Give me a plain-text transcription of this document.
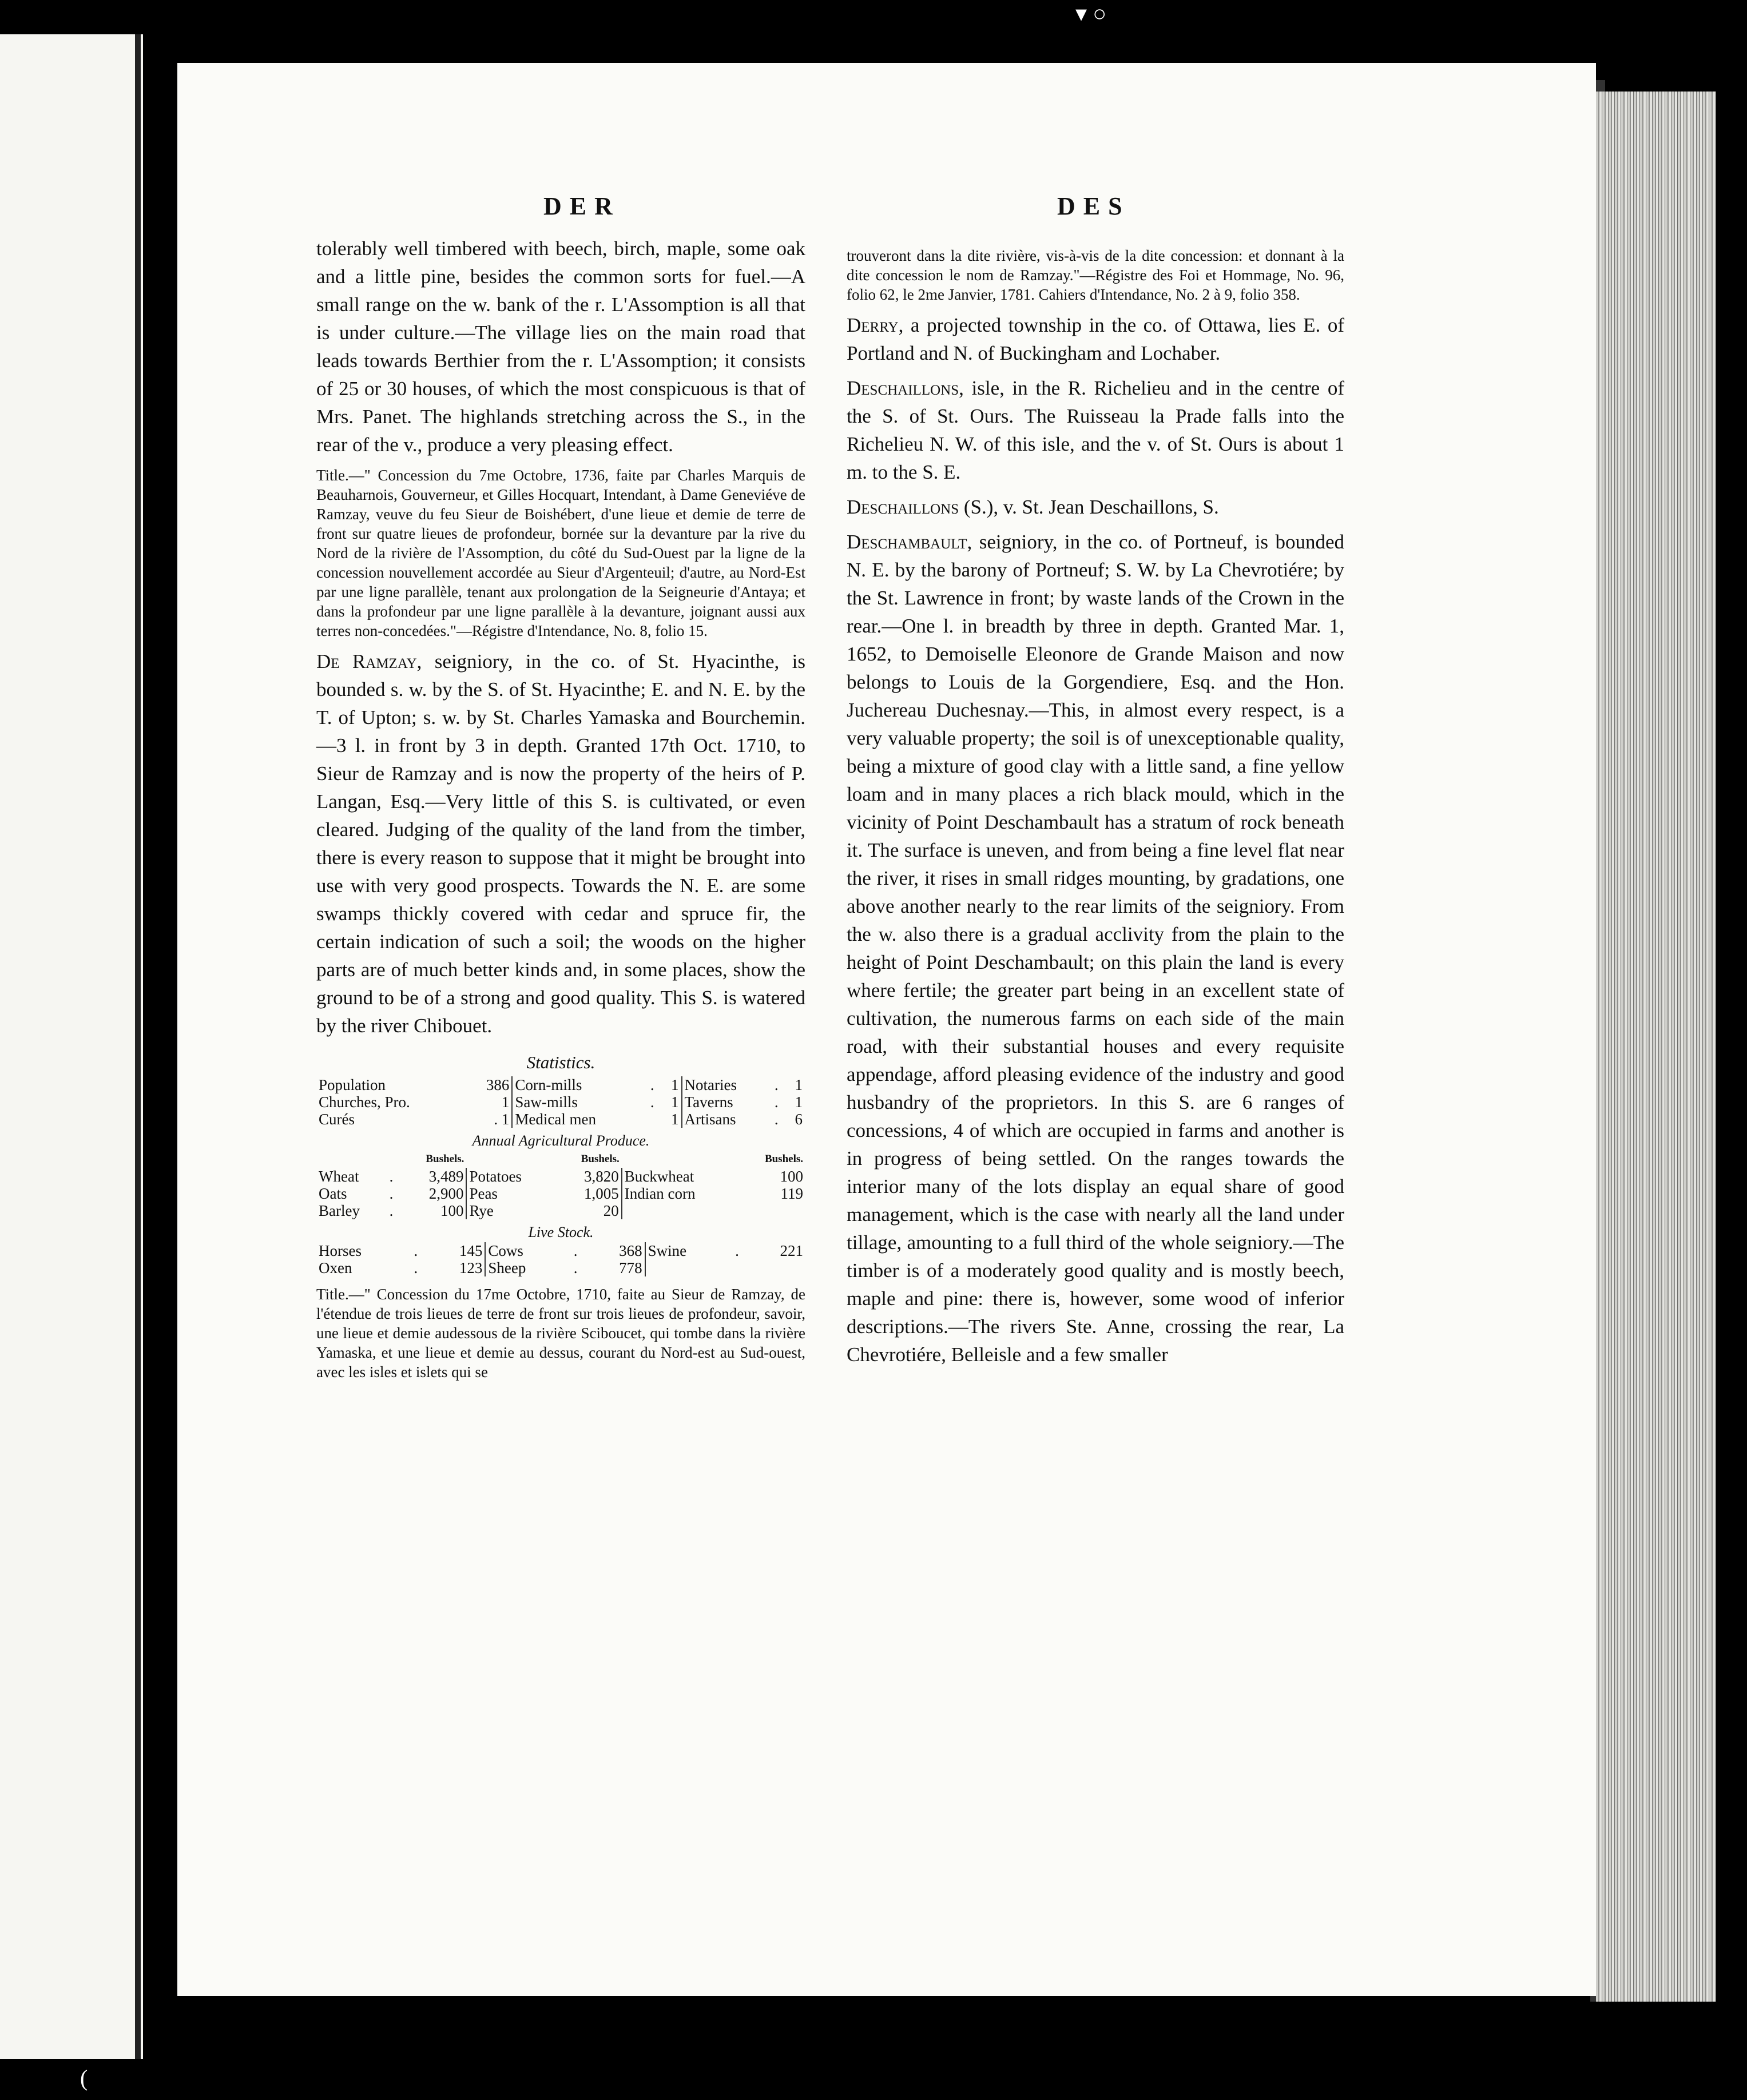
▾ ○
(
DER	DES

tolerably well timbered with beech, birch, maple, some oak and a little pine, besides the common sorts for fuel.—A small range on the w. bank of the r. L'Assomption is all that is under culture.—The village lies on the main road that leads towards Berthier from the r. L'Assomption; it consists of 25 or 30 houses, of which the most conspicuous is that of Mrs. Panet. The highlands stretching across the S., in the rear of the v., produce a very pleasing effect.

Title.—" Concession du 7me Octobre, 1736, faite par Charles Marquis de Beauharnois, Gouverneur, et Gilles Hocquart, Intendant, à Dame Geneviéve de Ramzay, veuve du feu Sieur de Boishébert, d'une lieue et demie de terre de front sur quatre lieues de profondeur, bornée sur la devanture par la rive du Nord de la rivière de l'Assomption, du côté du Sud-Ouest par la ligne de la concession nouvellement accordée au Sieur d'Argenteuil; d'autre, au Nord-Est par une ligne parallèle, tenant aux prolongation de la Seigneurie d'Antaya; et dans la profondeur par une ligne parallèle à la devanture, joignant aussi aux terres non-concedées."—Régistre d'Intendance, No. 8, folio 15.

De Ramzay, seigniory, in the co. of St. Hyacinthe, is bounded s. w. by the S. of St. Hyacinthe; E. and N. E. by the T. of Upton; s. w. by St. Charles Yamaska and Bourchemin.—3 l. in front by 3 in depth. Granted 17th Oct. 1710, to Sieur de Ramzay and is now the property of the heirs of P. Langan, Esq.—Very little of this S. is cultivated, or even cleared. Judging of the quality of the land from the timber, there is every reason to suppose that it might be brought into use with very good prospects. Towards the N. E. are some swamps thickly covered with cedar and spruce fir, the certain indication of such a soil; the woods on the higher parts are of much better kinds and, in some places, show the ground to be of a strong and good quality. This S. is watered by the river Chibouet.

Statistics.
Population	386	Corn-mills	.	1	Notaries	.	1
Churches, Pro.	1	Saw-mills	.	1	Taverns	.	1
Curés	. 1	Medical men		1	Artisans	.	6
Annual Agricultural Produce.
		Bushels.		Bushels.		Bushels.
Wheat	.	3,489	Potatoes	3,820	Buckwheat	100
Oats	.	2,900	Peas	1,005	Indian corn	119
Barley	.	100	Rye	20		
Live Stock.
Horses	.	145	Cows	.	368	Swine	.	221
Oxen	.	123	Sheep	.	778			

Title.—" Concession du 17me Octobre, 1710, faite au Sieur de Ramzay, de l'étendue de trois lieues de terre de front sur trois lieues de profondeur, savoir, une lieue et demie audessous de la rivière Sciboucet, qui tombe dans la rivière Yamaska, et une lieue et demie au dessus, courant du Nord-est au Sud-ouest, avec les isles et islets qui se

trouveront dans la dite rivière, vis-à-vis de la dite concession: et donnant à la dite concession le nom de Ramzay."—Régistre des Foi et Hommage, No. 96, folio 62, le 2me Janvier, 1781. Cahiers d'Intendance, No. 2 à 9, folio 358.

Derry, a projected township in the co. of Ottawa, lies E. of Portland and N. of Buckingham and Lochaber.

Deschaillons, isle, in the R. Richelieu and in the centre of the S. of St. Ours. The Ruisseau la Prade falls into the Richelieu N. W. of this isle, and the v. of St. Ours is about 1 m. to the S. E.

Deschaillons (S.), v. St. Jean Deschaillons, S.

Deschambault, seigniory, in the co. of Portneuf, is bounded N. E. by the barony of Portneuf; S. W. by La Chevrotiére; by the St. Lawrence in front; by waste lands of the Crown in the rear.—One l. in breadth by three in depth. Granted Mar. 1, 1652, to Demoiselle Eleonore de Grande Maison and now belongs to Louis de la Gorgendiere, Esq. and the Hon. Juchereau Duchesnay.—This, in almost every respect, is a very valuable property; the soil is of unexceptionable quality, being a mixture of good clay with a little sand, a fine yellow loam and in many places a rich black mould, which in the vicinity of Point Deschambault has a stratum of rock beneath it. The surface is uneven, and from being a fine level flat near the river, it rises in small ridges mounting, by gradations, one above another nearly to the rear limits of the seigniory. From the w. also there is a gradual acclivity from the plain to the height of Point Deschambault; on this plain the land is every where fertile; the greater part being in an excellent state of cultivation, the numerous farms on each side of the main road, with their substantial houses and every requisite appendage, afford pleasing evidence of the industry and good husbandry of the proprietors. In this S. are 6 ranges of concessions, 4 of which are occupied in farms and another is in progress of being settled. On the ranges towards the interior many of the lots display an equal share of good management, which is the case with nearly all the land under tillage, amounting to a full third of the whole seigniory.—The timber is of a moderately good quality and is mostly beech, maple and pine: there is, however, some wood of inferior descriptions.—The rivers Ste. Anne, crossing the rear, La Chevrotiére, Belleisle and a few smaller
